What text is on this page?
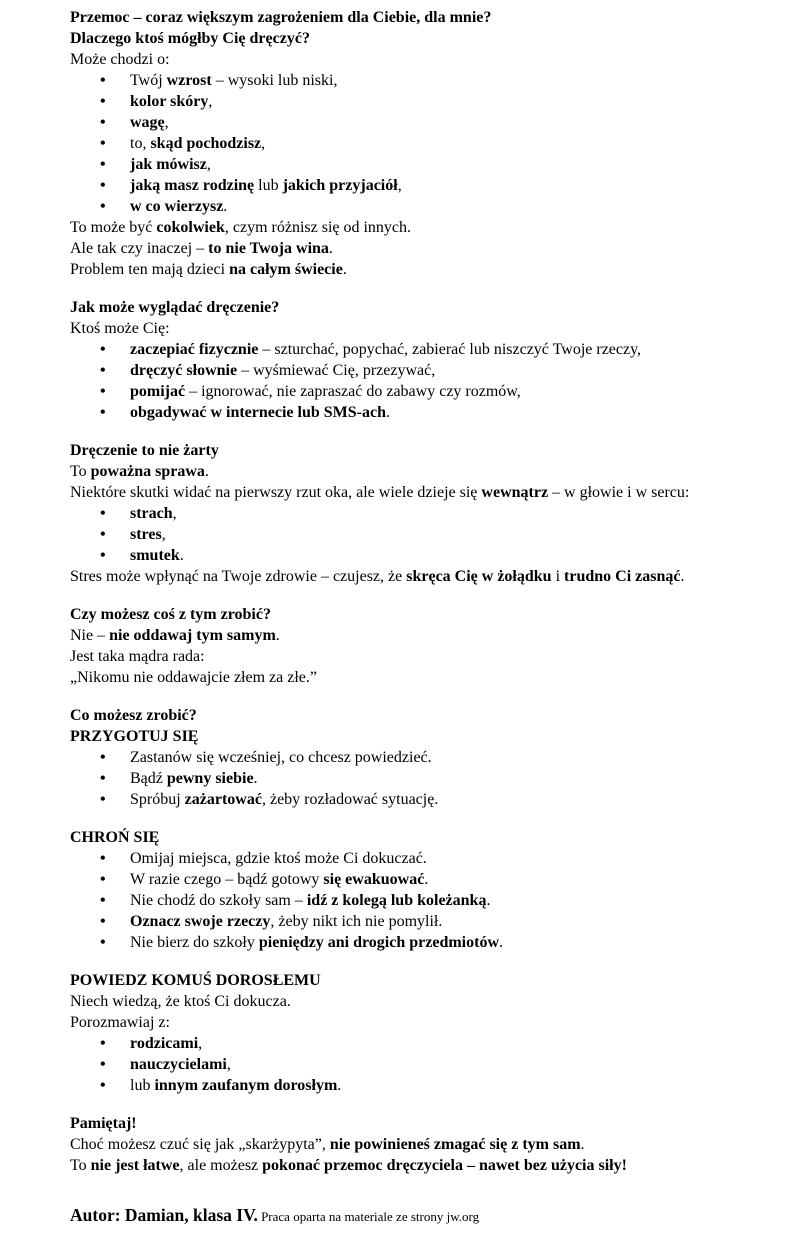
Przemoc – coraz większym zagrożeniem dla Ciebie, dla mnie?
Dlaczego ktoś mógłby Cię dręczyć?
Może chodzi o:
• Twój wzrost – wysoki lub niski,
• kolor skóry,
• wagę,
• to, skąd pochodzisz,
• jak mówisz,
• jaką masz rodzinę lub jakich przyjaciół,
• w co wierzysz.
To może być cokolwiek, czym różnisz się od innych.
Ale tak czy inaczej – to nie Twoja wina.
Problem ten mają dzieci na całym świecie.
Jak może wyglądać dręczenie?
Ktoś może Cię:
• zaczepiać fizycznie – szturchać, popychać, zabierać lub niszczyć Twoje rzeczy,
• dręczyć słownie – wyśmiewać Cię, przezywać,
• pomijać – ignorować, nie zapraszać do zabawy czy rozmów,
• obgadywać w internecie lub SMS-ach.
Dręczenie to nie żarty
To poważna sprawa.
Niektóre skutki widać na pierwszy rzut oka, ale wiele dzieje się wewnątrz – w głowie i w sercu:
• strach,
• stres,
• smutek.
Stres może wpłynąć na Twoje zdrowie – czujesz, że skręca Cię w żołądku i trudno Ci zasnąć.
Czy możesz coś z tym zrobić?
Nie – nie oddawaj tym samym.
Jest taka mądra rada:
„Nikomu nie oddawajcie złem za złe.”
Co możesz zrobić?
PRZYGOTUJ SIĘ
• Zastanów się wcześniej, co chcesz powiedzieć.
• Bądź pewny siebie.
• Spróbuj zażartować, żeby rozładować sytuację.
CHROŃ SIĘ
• Omijaj miejsca, gdzie ktoś może Ci dokuczać.
• W razie czego – bądź gotowy się ewakuować.
• Nie chodź do szkoły sam – idź z kolegą lub koleżanką.
• Oznacz swoje rzeczy, żeby nikt ich nie pomylił.
• Nie bierz do szkoły pieniędzy ani drogich przedmiotów.
POWIEDZ KOMUŚ DOROSŁEMU
Niech wiedzą, że ktoś Ci dokucza.
Porozmawiaj z:
• rodzicami,
• nauczycielami,
• lub innym zaufanym dorosłym.
Pamiętaj!
Choć możesz czuć się jak „skarżypyta”, nie powinieneś zmagać się z tym sam.
To nie jest łatwe, ale możesz pokonać przemoc dręczyciela – nawet bez użycia siły!
Autor: Damian, klasa IV. Praca oparta na materiale ze strony jw.org
